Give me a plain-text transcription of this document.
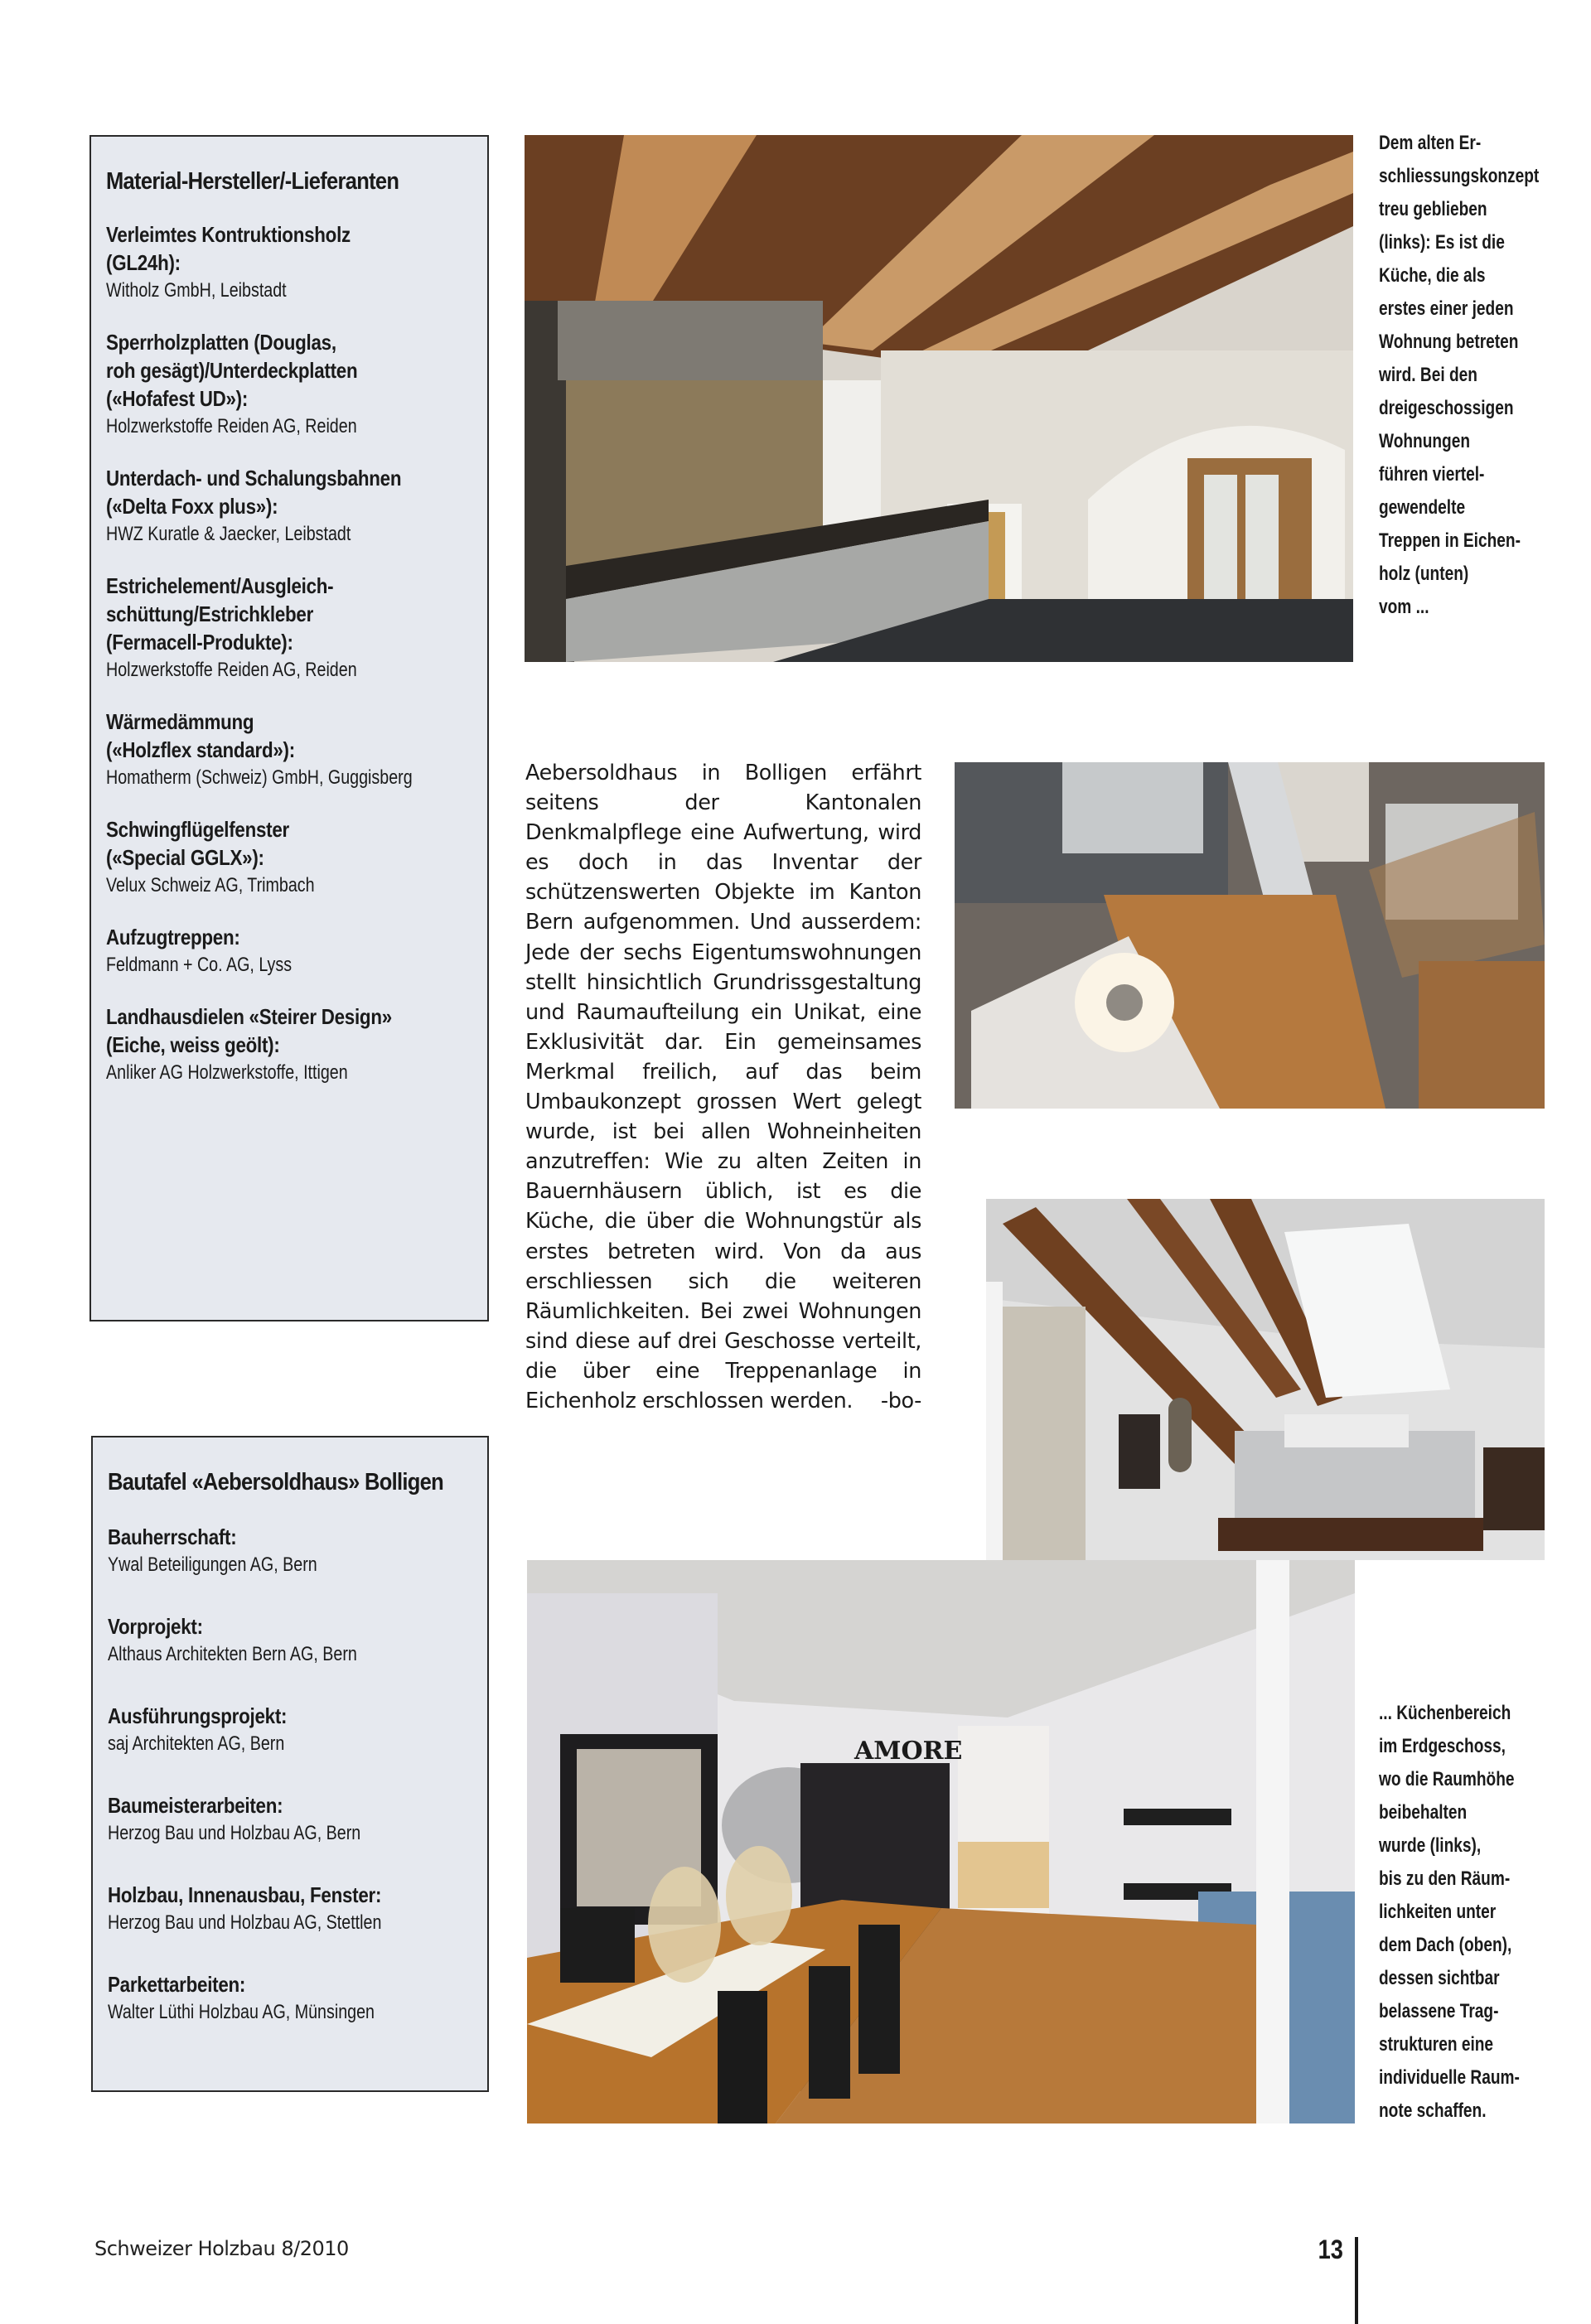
Material-Hersteller/-Lieferanten
Verleimtes Kontruktionsholz
(GL24h):
Witholz GmbH, Leibstadt
Sperrholzplatten (Douglas,
roh gesägt)/Unterdeckplatten
(«Hofafest UD»):
Holzwerkstoffe Reiden AG, Reiden
Unterdach- und Schalungsbahnen
(«Delta Foxx plus»):
HWZ Kuratle & Jaecker, Leibstadt
Estrichelement/Ausgleich-
schüttung/Estrichkleber
(Fermacell-Produkte):
Holzwerkstoffe Reiden AG, Reiden
Wärmedämmung
(«Holzflex standard»):
Homatherm (Schweiz) GmbH, Guggisberg
Schwingflügelfenster
(«Special GGLX»):
Velux Schweiz AG, Trimbach
Aufzugtreppen:
Feldmann + Co. AG, Lyss
Landhausdielen «Steirer Design»
(Eiche, weiss geölt):
Anliker AG Holzwerkstoffe, Ittigen
Bautafel «Aebersoldhaus» Bolligen
Bauherrschaft:
Ywal Beteiligungen AG, Bern
Vorprojekt:
Althaus Architekten Bern AG, Bern
Ausführungsprojekt:
saj Architekten AG, Bern
Baumeisterarbeiten:
Herzog Bau und Holzbau AG, Bern
Holzbau, Innenausbau, Fenster:
Herzog Bau und Holzbau AG, Stettlen
Parkettarbeiten:
Walter Lüthi Holzbau AG, Münsingen
Dem alten Er-
schliessungskonzept
treu geblieben
(links): Es ist die
Küche, die als
erstes einer jeden
Wohnung betreten
wird. Bei den
dreigeschossigen
Wohnungen
führen viertel-
gewendelte
Treppen in Eichen-
holz (unten)
vom ...
Aebersoldhaus in Bolligen erfährt seitens der Kantonalen Denkmalpflege eine Aufwertung, wird es doch in das Inventar der schützenswerten Objekte im Kanton Bern aufgenommen. Und ausserdem: Jede der sechs Eigentumswohnungen stellt hinsichtlich Grundrissgestaltung und Raumaufteilung ein Unikat, eine Exklusivität dar. Ein gemeinsames Merkmal freilich, auf das beim Umbaukonzept grossen Wert gelegt wurde, ist bei allen Wohneinheiten anzutreffen: Wie zu alten Zeiten in Bauernhäusern üblich, ist es die Küche, die über die Wohnungstür als erstes betreten wird. Von da aus erschliessen sich die weiteren Räumlichkeiten. Bei zwei Wohnungen sind diese auf drei Geschosse verteilt, die über eine Treppenanlage in Eichenholz erschlossen werden. -bo-
AMORE
... Küchenbereich
im Erdgeschoss,
wo die Raumhöhe
beibehalten
wurde (links),
bis zu den Räum-
lichkeiten unter
dem Dach (oben),
dessen sichtbar
belassene Trag-
strukturen eine
individuelle Raum-
note schaffen.
Schweizer Holzbau 8/2010	13
